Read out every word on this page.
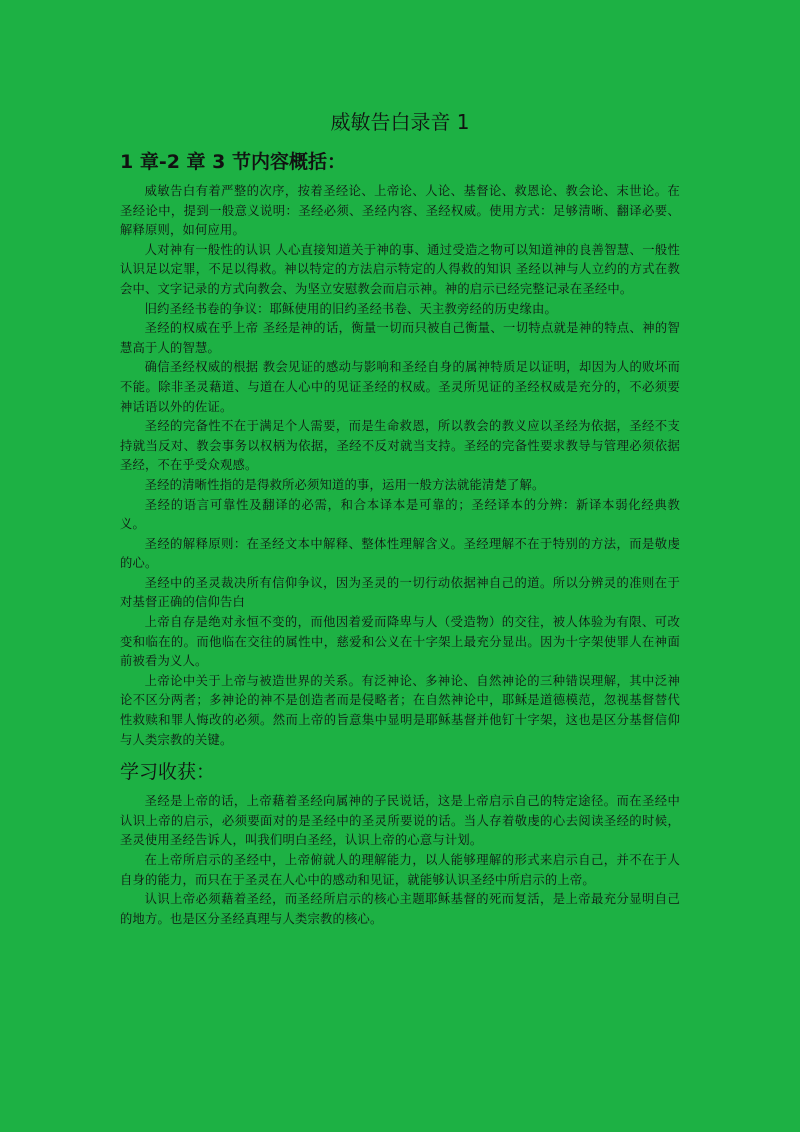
威敏告白录音 1
1 章-2 章 3 节内容概括：

威敏告白有着严整的次序，按着圣经论、上帝论、人论、基督论、救恩论、教会论、末世论。在圣经论中，提到一般意义说明：圣经必须、圣经内容、圣经权威。使用方式：足够清晰、翻译必要、解释原则，如何应用。

人对神有一般性的认识 人心直接知道关于神的事、通过受造之物可以知道神的良善智慧、一般性认识足以定罪，不足以得救。神以特定的方法启示特定的人得救的知识 圣经以神与人立约的方式在教会中、文字记录的方式向教会、为坚立安慰教会而启示神。神的启示已经完整记录在圣经中。

旧约圣经书卷的争议：耶稣使用的旧约圣经书卷、天主教旁经的历史缘由。

圣经的权威在乎上帝 圣经是神的话，衡量一切而只被自己衡量、一切特点就是神的特点、神的智慧高于人的智慧。

确信圣经权威的根据 教会见证的感动与影响和圣经自身的属神特质足以证明，却因为人的败坏而不能。除非圣灵藉道、与道在人心中的见证圣经的权威。圣灵所见证的圣经权威是充分的，不必须要神话语以外的佐证。

圣经的完备性不在于满足个人需要，而是生命救恩，所以教会的教义应以圣经为依据，圣经不支持就当反对、教会事务以权柄为依据，圣经不反对就当支持。圣经的完备性要求教导与管理必须依据圣经，不在乎受众观感。

圣经的清晰性指的是得救所必须知道的事，运用一般方法就能清楚了解。

圣经的语言可靠性及翻译的必需，和合本译本是可靠的；圣经译本的分辨：新译本弱化经典教义。

圣经的解释原则：在圣经文本中解释、整体性理解含义。圣经理解不在于特别的方法，而是敬虔的心。

圣经中的圣灵裁决所有信仰争议，因为圣灵的一切行动依据神自己的道。所以分辨灵的准则在于对基督正确的信仰告白

上帝自存是绝对永恒不变的，而他因着爱而降卑与人（受造物）的交往，被人体验为有限、可改变和临在的。而他临在交往的属性中，慈爱和公义在十字架上最充分显出。因为十字架使罪人在神面前被看为义人。

上帝论中关于上帝与被造世界的关系。有泛神论、多神论、自然神论的三种错误理解，其中泛神论不区分两者；多神论的神不是创造者而是侵略者；在自然神论中，耶稣是道德模范，忽视基督替代性救赎和罪人悔改的必须。然而上帝的旨意集中显明是耶稣基督并他钉十字架，这也是区分基督信仰与人类宗教的关键。

学习收获：

圣经是上帝的话，上帝藉着圣经向属神的子民说话，这是上帝启示自己的特定途径。而在圣经中认识上帝的启示，必须要面对的是圣经中的圣灵所要说的话。当人存着敬虔的心去阅读圣经的时候，圣灵使用圣经告诉人，叫我们明白圣经，认识上帝的心意与计划。

在上帝所启示的圣经中，上帝俯就人的理解能力，以人能够理解的形式来启示自己，并不在于人自身的能力，而只在于圣灵在人心中的感动和见证，就能够认识圣经中所启示的上帝。

认识上帝必须藉着圣经，而圣经所启示的核心主题耶稣基督的死而复活，是上帝最充分显明自己的地方。也是区分圣经真理与人类宗教的核心。
